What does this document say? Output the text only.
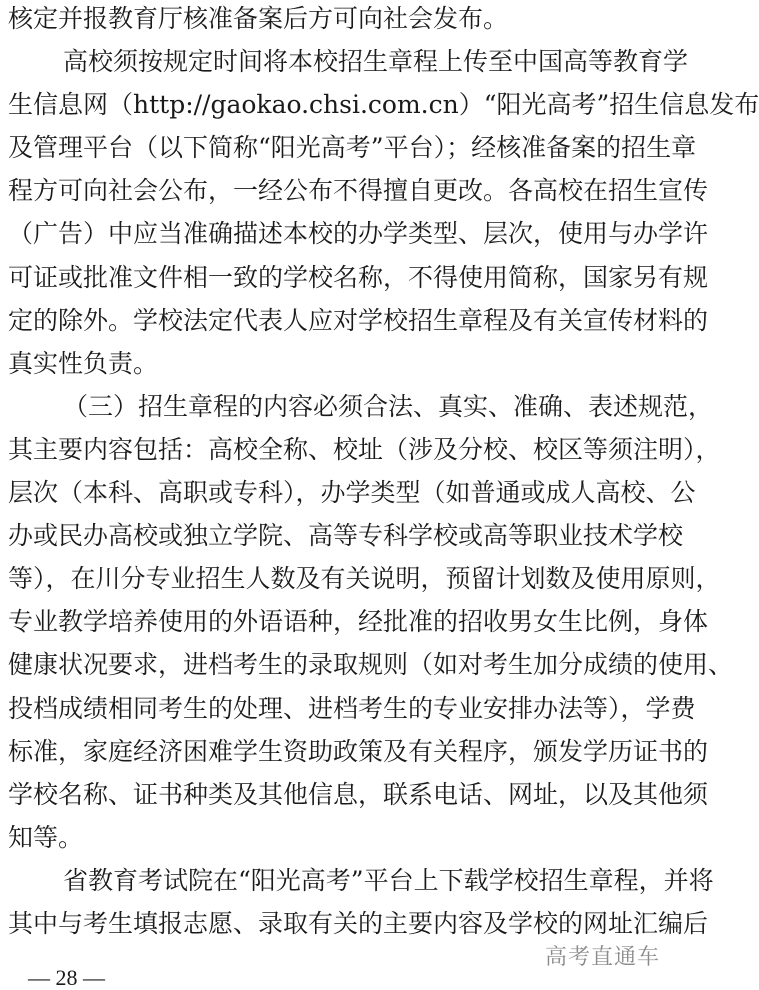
核定并报教育厅核准备案后方可向社会发布。
高校须按规定时间将本校招生章程上传至中国高等教育学
生信息网（http://gaokao.chsi.com.cn）“阳光高考”招生信息发布
及管理平台（以下简称“阳光高考”平台）；经核准备案的招生章
程方可向社会公布，一经公布不得擅自更改。各高校在招生宣传
（广告）中应当准确描述本校的办学类型、层次，使用与办学许
可证或批准文件相一致的学校名称，不得使用简称，国家另有规
定的除外。学校法定代表人应对学校招生章程及有关宣传材料的
真实性负责。
（三）招生章程的内容必须合法、真实、准确、表述规范，
其主要内容包括：高校全称、校址（涉及分校、校区等须注明），
层次（本科、高职或专科），办学类型（如普通或成人高校、公
办或民办高校或独立学院、高等专科学校或高等职业技术学校
等），在川分专业招生人数及有关说明，预留计划数及使用原则，
专业教学培养使用的外语语种，经批准的招收男女生比例，身体
健康状况要求，进档考生的录取规则（如对考生加分成绩的使用、
投档成绩相同考生的处理、进档考生的专业安排办法等），学费
标准，家庭经济困难学生资助政策及有关程序，颁发学历证书的
学校名称、证书种类及其他信息，联系电话、网址，以及其他须
知等。
省教育考试院在“阳光高考”平台上下载学校招生章程，并将
其中与考生填报志愿、录取有关的主要内容及学校的网址汇编后
高考直通车
— 28 —
